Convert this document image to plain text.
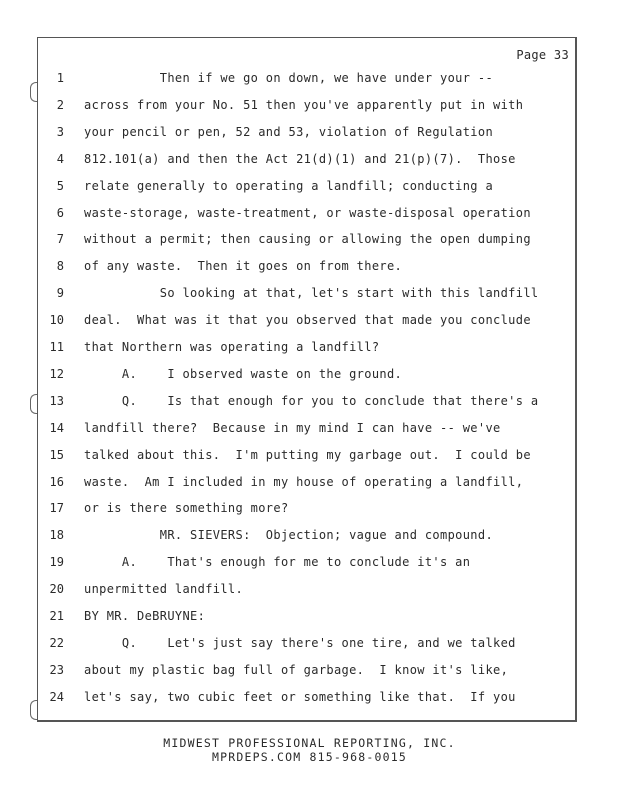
Page 33
1 Then if we go on down, we have under your --
2 across from your No. 51 then you've apparently put in with
3 your pencil or pen, 52 and 53, violation of Regulation
4 812.101(a) and then the Act 21(d)(1) and 21(p)(7).  Those
5 relate generally to operating a landfill; conducting a
6 waste-storage, waste-treatment, or waste-disposal operation
7 without a permit; then causing or allowing the open dumping
8 of any waste.  Then it goes on from there.
9 So looking at that, let's start with this landfill
10 deal.  What was it that you observed that made you conclude
11 that Northern was operating a landfill?
12 A.    I observed waste on the ground.
13 Q.    Is that enough for you to conclude that there's a
14 landfill there?  Because in my mind I can have -- we've
15 talked about this.  I'm putting my garbage out.  I could be
16 waste.  Am I included in my house of operating a landfill,
17 or is there something more?
18 MR. SIEVERS:  Objection; vague and compound.
19 A.    That's enough for me to conclude it's an
20 unpermitted landfill.
21 BY MR. DeBRUYNE:
22 Q.    Let's just say there's one tire, and we talked
23 about my plastic bag full of garbage.  I know it's like,
24 let's say, two cubic feet or something like that.  If you
MIDWEST PROFESSIONAL REPORTING, INC.
MPRDEPS.COM 815-968-0015
